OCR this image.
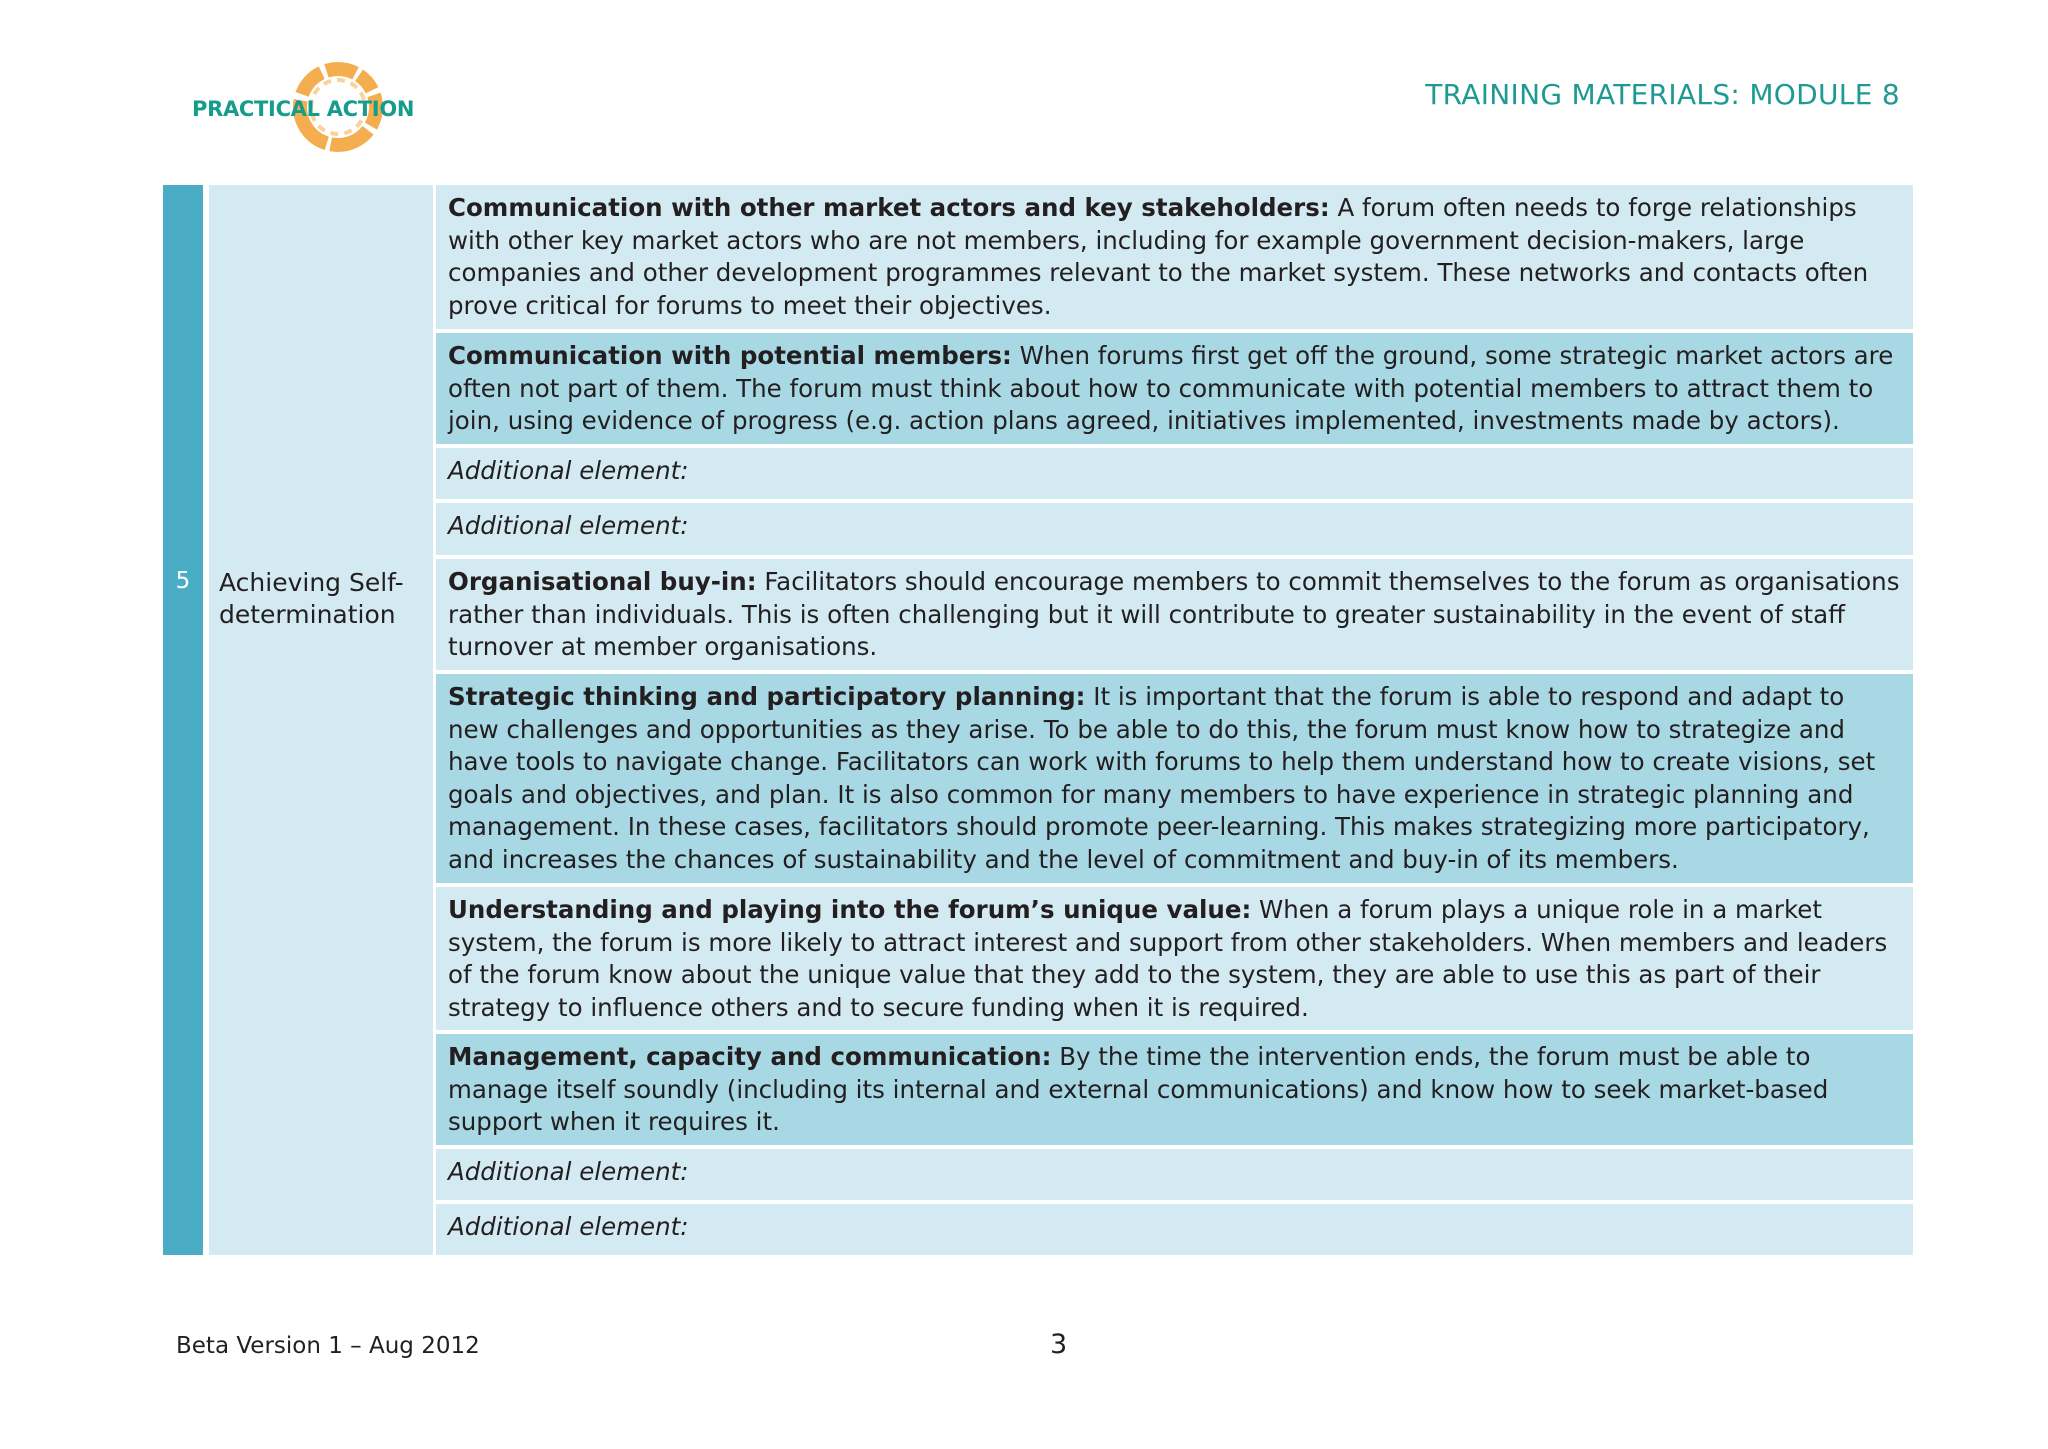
PRACTICAL ACTION	TRAINING MATERIALS: MODULE 8
5	Achieving Self-determination
Communication with other market actors and key stakeholders: A forum often needs to forge relationships with other key market actors who are not members, including for example government decision-makers, large companies and other development programmes relevant to the market system. These networks and contacts often prove critical for forums to meet their objectives.
Communication with potential members: When forums first get off the ground, some strategic market actors are often not part of them. The forum must think about how to communicate with potential members to attract them to join, using evidence of progress (e.g. action plans agreed, initiatives implemented, investments made by actors).
Additional element:
Additional element:
Organisational buy-in: Facilitators should encourage members to commit themselves to the forum as organisations rather than individuals. This is often challenging but it will contribute to greater sustainability in the event of staff turnover at member organisations.
Strategic thinking and participatory planning: It is important that the forum is able to respond and adapt to new challenges and opportunities as they arise. To be able to do this, the forum must know how to strategize and have tools to navigate change. Facilitators can work with forums to help them understand how to create visions, set goals and objectives, and plan. It is also common for many members to have experience in strategic planning and management. In these cases, facilitators should promote peer-learning. This makes strategizing more participatory, and increases the chances of sustainability and the level of commitment and buy-in of its members.
Understanding and playing into the forum’s unique value: When a forum plays a unique role in a market system, the forum is more likely to attract interest and support from other stakeholders. When members and leaders of the forum know about the unique value that they add to the system, they are able to use this as part of their strategy to influence others and to secure funding when it is required.
Management, capacity and communication: By the time the intervention ends, the forum must be able to manage itself soundly (including its internal and external communications) and know how to seek market-based support when it requires it.
Additional element:
Additional element:
Beta Version 1 – Aug 2012	3
